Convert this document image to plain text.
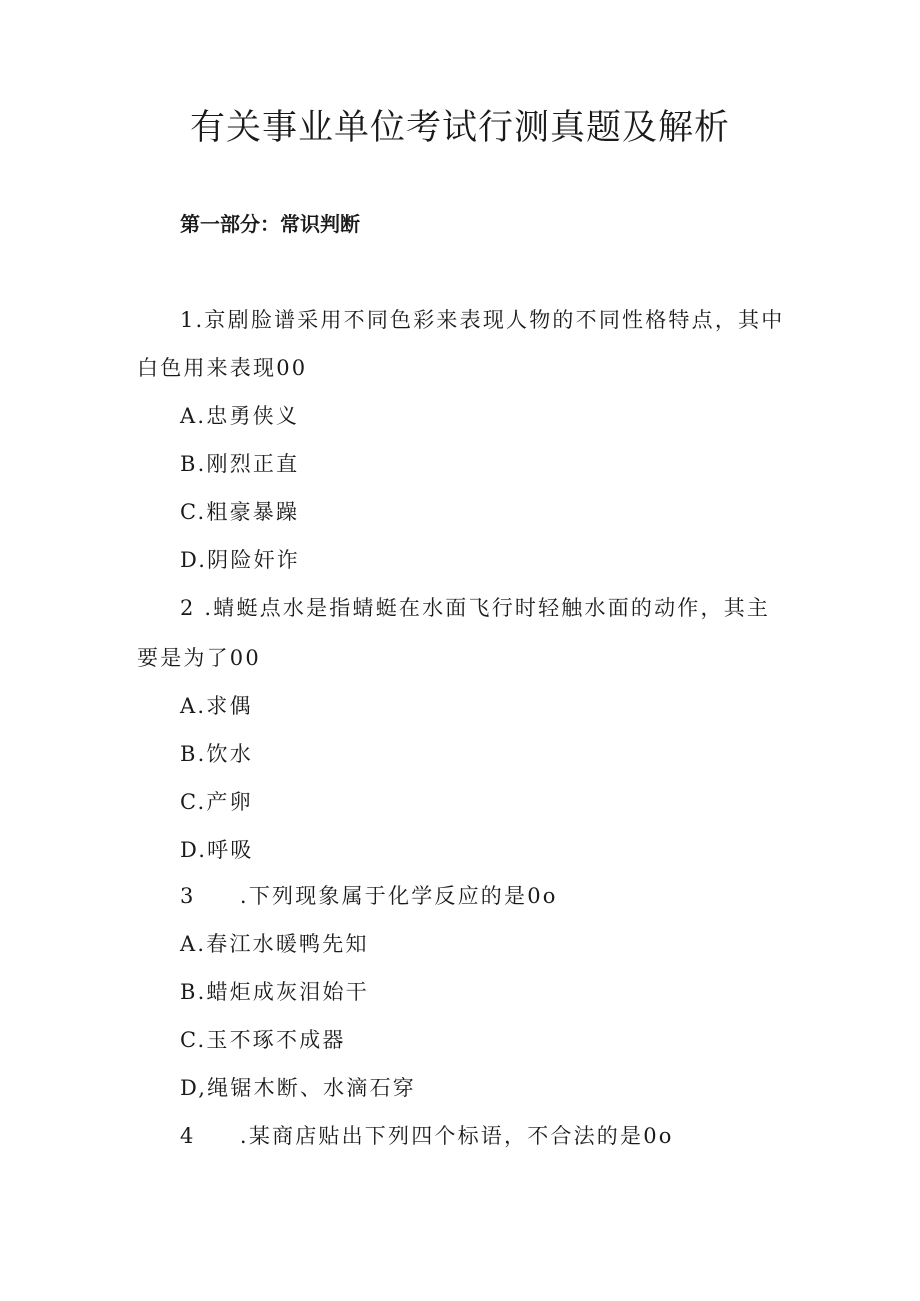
有关事业单位考试行测真题及解析
第一部分：常识判断
1.京剧脸谱采用不同色彩来表现人物的不同性格特点，其中
白色用来表现00
A.忠勇侠义
B.刚烈正直
C.粗豪暴躁
D.阴险奸诈
2 .蜻蜓点水是指蜻蜓在水面飞行时轻触水面的动作，其主
要是为了00
A.求偶
B.饮水
C.产卵
D.呼吸
3     .下列现象属于化学反应的是0o
A.春江水暖鸭先知
B.蜡炬成灰泪始干
C.玉不琢不成器
D,绳锯木断、水滴石穿
4     .某商店贴出下列四个标语，不合法的是0o
